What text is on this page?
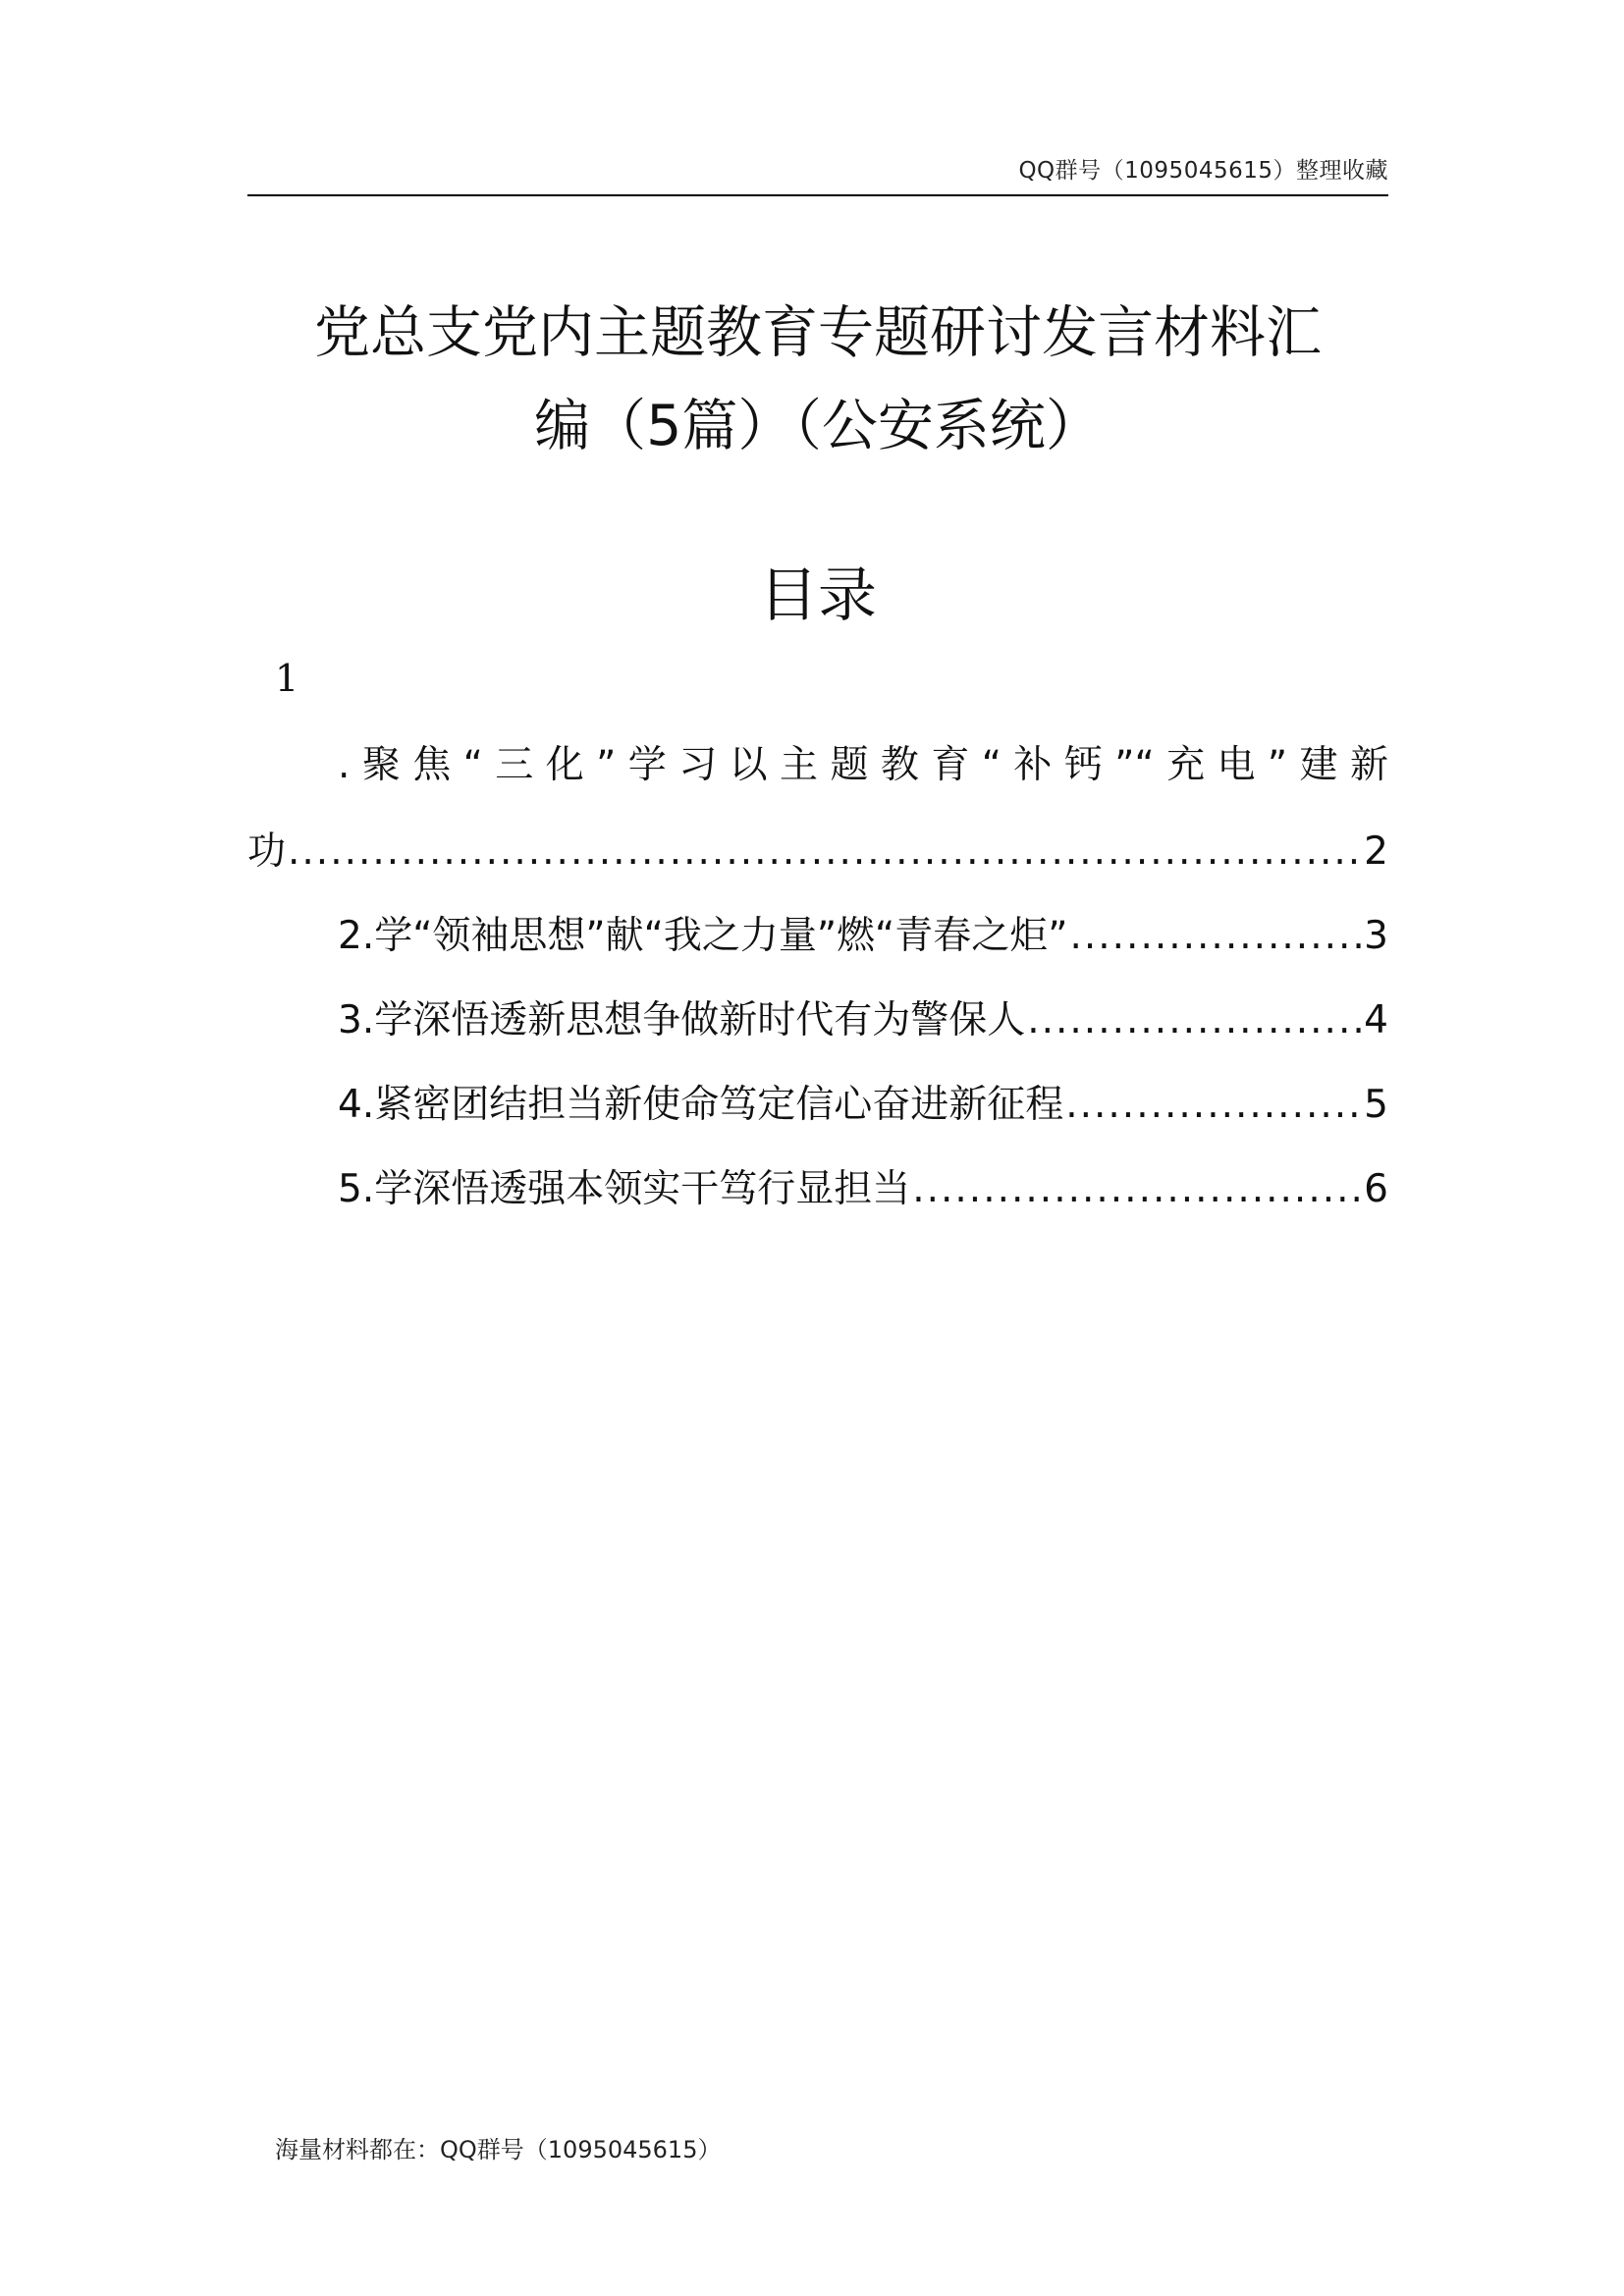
QQ群号（1095045615）整理收藏
党总支党内主题教育专题研讨发言材料汇
编（5篇）（公安系统）
目录
1
.聚焦“三化”学习以主题教育“补钙”“充电”建新
功 .....	2
2.学“领袖思想”献“我之力量”燃“青春之炬” .....	3
3.学深悟透新思想争做新时代有为警保人 .....	4
4.紧密团结担当新使命笃定信心奋进新征程 .....	5
5.学深悟透强本领实干笃行显担当 .....	6
海量材料都在：QQ群号（1095045615）
